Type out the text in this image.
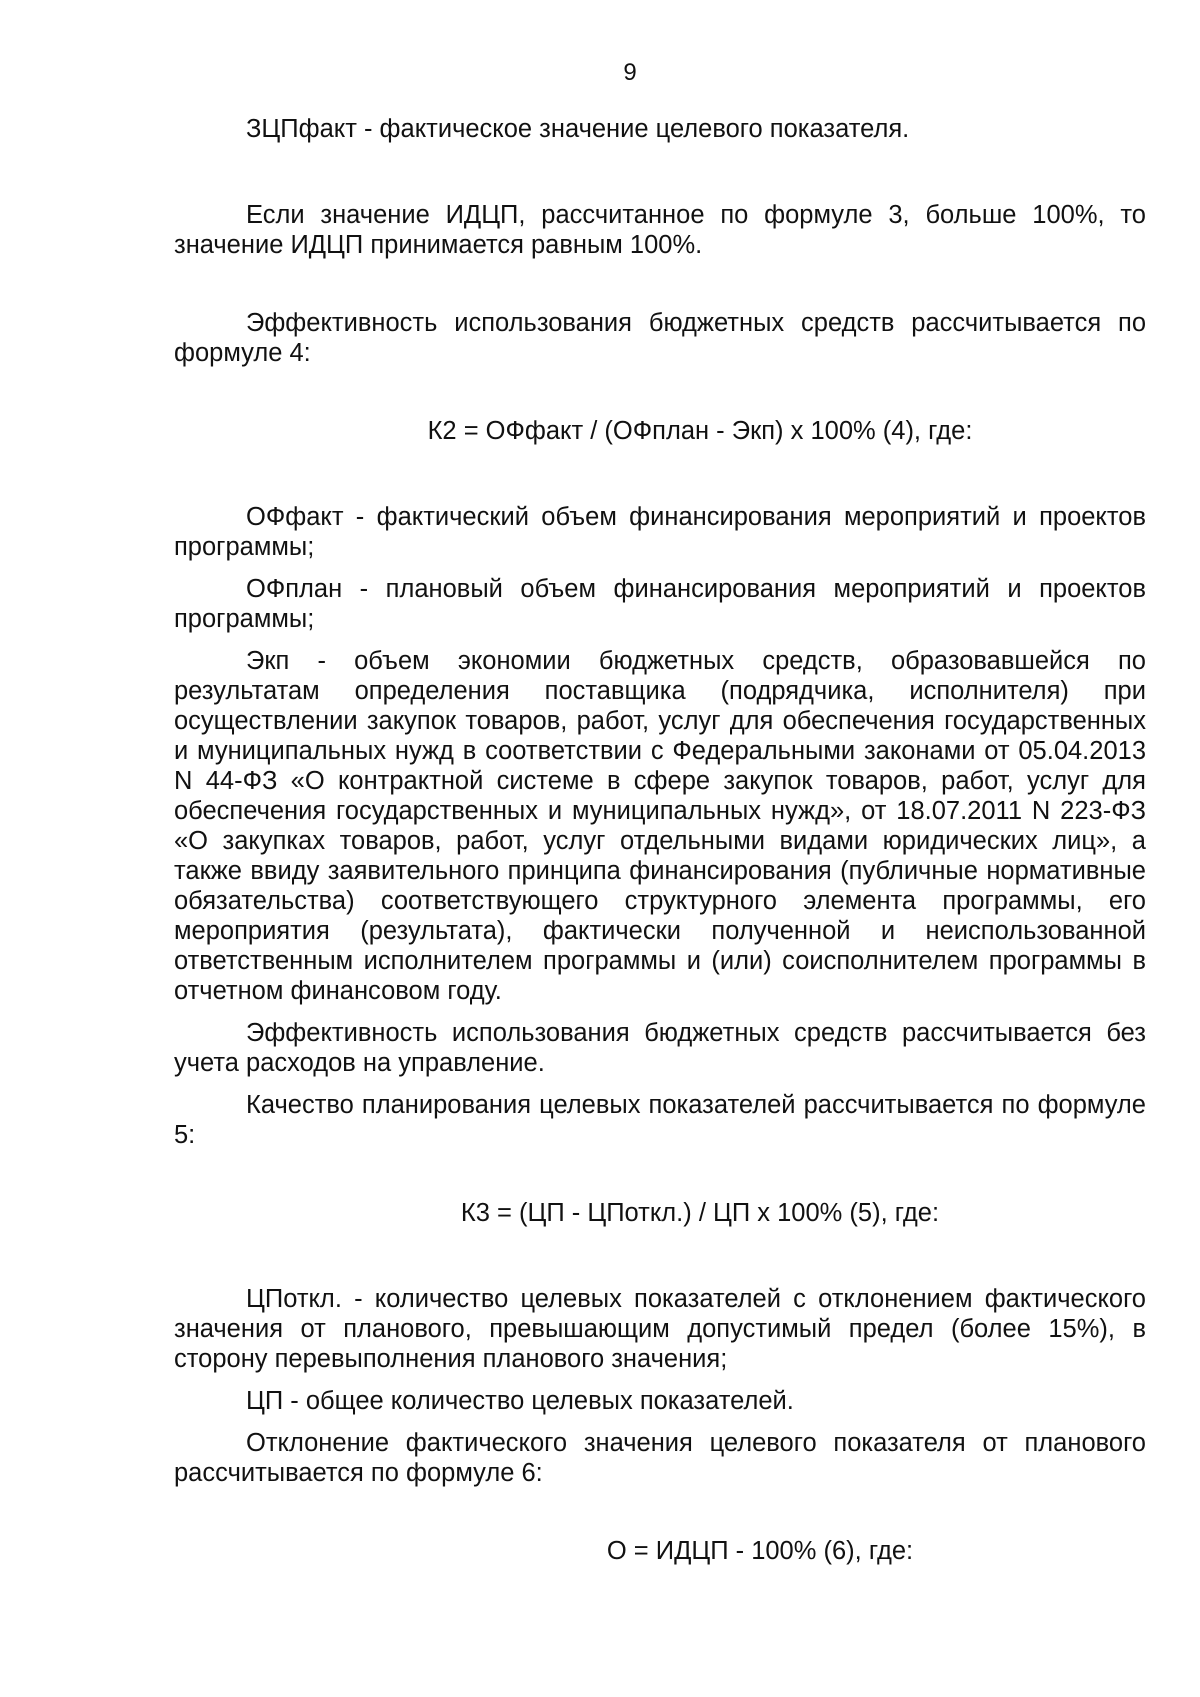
9

ЗЦПфакт - фактическое значение целевого показателя.

Если значение ИДЦП, рассчитанное по формуле 3, больше 100%, то значение ИДЦП принимается равным 100%.

Эффективность использования бюджетных средств рассчитывается по формуле 4:

К2 = ОФфакт / (ОФплан - Экп) х 100% (4), где:

ОФфакт - фактический объем финансирования мероприятий и проектов программы;

ОФплан - плановый объем финансирования мероприятий и проектов программы;

Экп - объем экономии бюджетных средств, образовавшейся по результатам определения поставщика (подрядчика, исполнителя) при осуществлении закупок товаров, работ, услуг для обеспечения государственных и муниципальных нужд в соответствии с Федеральными законами от 05.04.2013 N 44-ФЗ «О контрактной системе в сфере закупок товаров, работ, услуг для обеспечения государственных и муниципальных нужд», от 18.07.2011 N 223-ФЗ «О закупках товаров, работ, услуг отдельными видами юридических лиц», а также ввиду заявительного принципа финансирования (публичные нормативные обязательства) соответствующего структурного элемента программы, его мероприятия (результата), фактически полученной и неиспользованной ответственным исполнителем программы и (или) соисполнителем программы в отчетном финансовом году.

Эффективность использования бюджетных средств рассчитывается без учета расходов на управление.

Качество планирования целевых показателей рассчитывается по формуле 5:

К3 = (ЦП - ЦПоткл.) / ЦП х 100% (5), где:

ЦПоткл. - количество целевых показателей с отклонением фактического значения от планового, превышающим допустимый предел (более 15%), в сторону перевыполнения планового значения;

ЦП - общее количество целевых показателей.

Отклонение фактического значения целевого показателя от планового рассчитывается по формуле 6:

О = ИДЦП - 100% (6), где:
